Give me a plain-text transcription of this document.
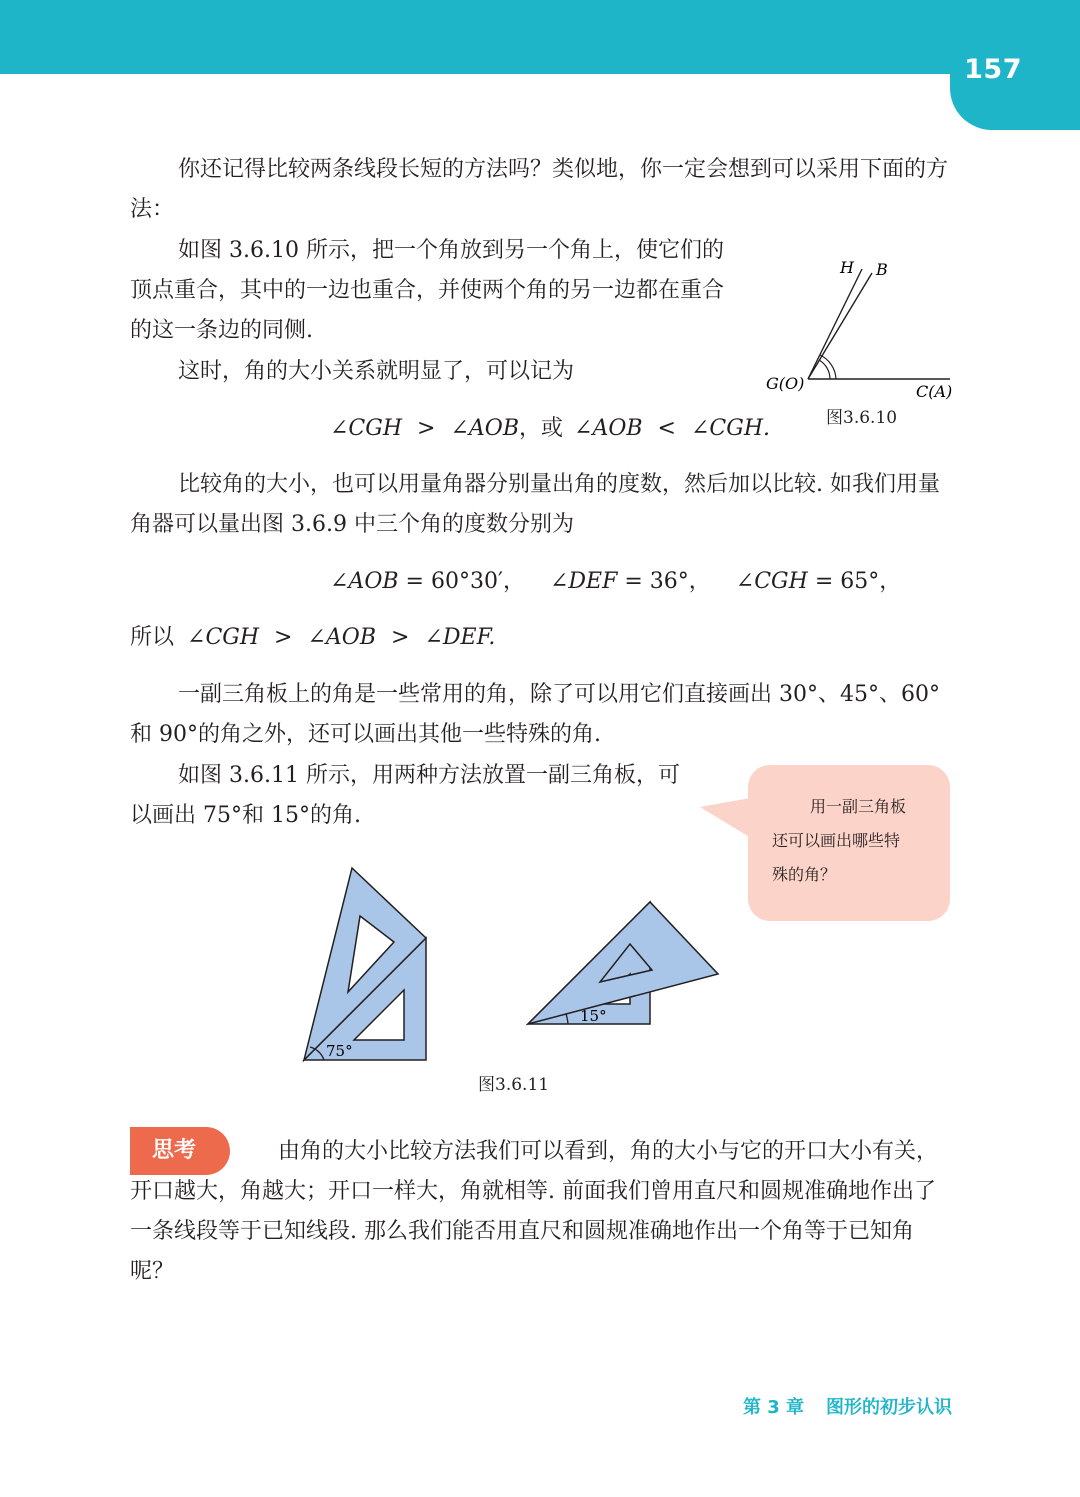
157

你还记得比较两条线段长短的方法吗？类似地，你一定会想到可以采用下面的方法：

如图 3.6.10 所示，把一个角放到另一个角上，使它们的顶点重合，其中的一边也重合，并使两个角的另一边都在重合的这一条边的同侧.

这时，角的大小关系就明显了，可以记为

H B
G(O)	C(A)
图3.6.10
∠CGH > ∠AOB，或 ∠AOB < ∠CGH.

比较角的大小，也可以用量角器分别量出角的度数，然后加以比较. 如我们用量角器可以量出图 3.6.9 中三个角的度数分别为

∠AOB = 60°30′， ∠DEF = 36°， ∠CGH = 65°，
所以 ∠CGH > ∠AOB > ∠DEF.

一副三角板上的角是一些常用的角，除了可以用它们直接画出 30°、45°、60°和 90°的角之外，还可以画出其他一些特殊的角.

如图 3.6.11 所示，用两种方法放置一副三角板，可以画出 75°和 15°的角.	用一副三角板
还可以画出哪些特
殊的角？
75°
15°
图3.6.11
思考	由角的大小比较方法我们可以看到，角的大小与它的开口大小有关，开口越大，角越大；开口一样大，角就相等. 前面我们曾用直尺和圆规准确地作出了一条线段等于已知线段. 那么我们能否用直尺和圆规准确地作出一个角等于已知角呢？

第 3 章 图形的初步认识
